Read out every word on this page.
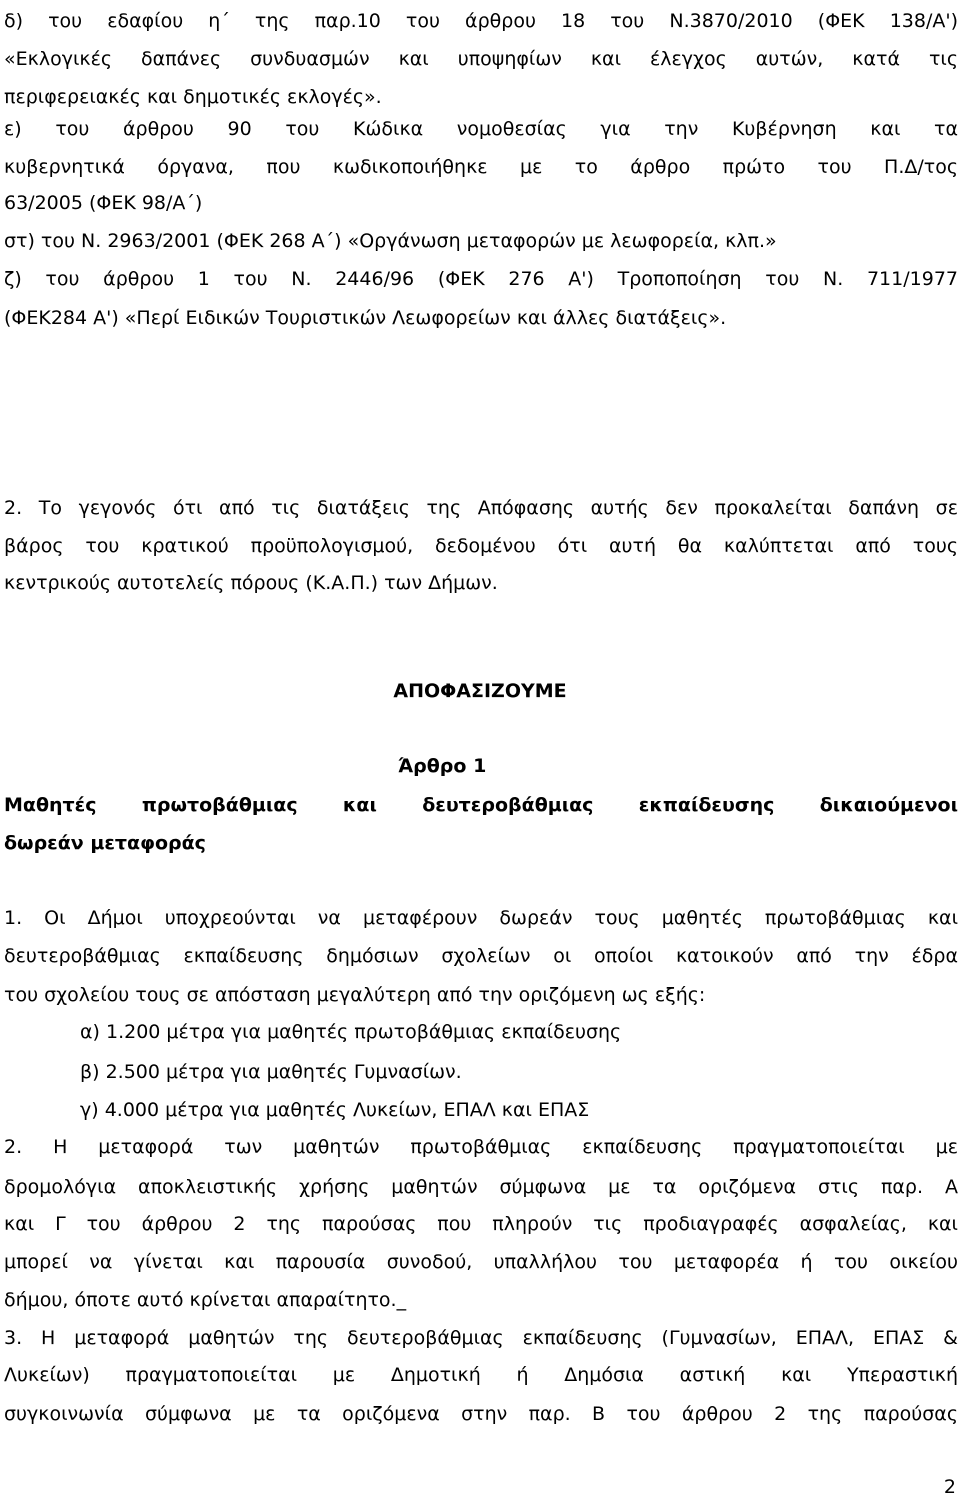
δ) του εδαφίου η΄ της παρ.10 του άρθρου 18 του Ν.3870/2010 (ΦΕΚ 138/Α')
«Εκλογικές δαπάνες συνδυασμών και υποψηφίων και έλεγχος αυτών, κατά τις
περιφερειακές και δημοτικές εκλογές».
ε) του άρθρου 90 του Κώδικα νομοθεσίας για την Κυβέρνηση και τα
κυβερνητικά όργανα, που κωδικοποιήθηκε με το άρθρο πρώτο του Π.Δ/τος
63/2005 (ΦΕΚ 98/Α΄)
στ) του Ν. 2963/2001 (ΦΕΚ 268 Α΄) «Οργάνωση μεταφορών με λεωφορεία, κλπ.»
ζ) του άρθρου 1 του Ν. 2446/96 (ΦΕΚ 276 Α') Τροποποίηση του Ν. 711/1977
(ΦΕΚ284 Α') «Περί Ειδικών Τουριστικών Λεωφορείων και άλλες διατάξεις».
2. Το γεγονός ότι από τις διατάξεις της Απόφασης αυτής δεν προκαλείται δαπάνη σε
βάρος του κρατικού προϋπολογισμού, δεδομένου ότι αυτή θα καλύπτεται από τους
κεντρικούς αυτοτελείς πόρους (Κ.Α.Π.) των Δήμων.
ΑΠΟΦΑΣΙΖΟΥΜΕ
Άρθρο 1
Μαθητές πρωτοβάθμιας και δευτεροβάθμιας εκπαίδευσης δικαιούμενοι
δωρεάν μεταφοράς
1. Οι Δήμοι υποχρεούνται να μεταφέρουν δωρεάν τους μαθητές πρωτοβάθμιας και
δευτεροβάθμιας εκπαίδευσης δημόσιων σχολείων οι οποίοι κατοικούν από την έδρα
του σχολείου τους σε απόσταση μεγαλύτερη από την οριζόμενη ως εξής:
α) 1.200 μέτρα για μαθητές πρωτοβάθμιας εκπαίδευσης
β) 2.500 μέτρα για μαθητές Γυμνασίων.
γ) 4.000 μέτρα για μαθητές Λυκείων, ΕΠΑΛ και ΕΠΑΣ
2. Η μεταφορά των μαθητών πρωτοβάθμιας εκπαίδευσης πραγματοποιείται με
δρομολόγια αποκλειστικής χρήσης μαθητών σύμφωνα με τα οριζόμενα στις παρ. Α
και Γ του άρθρου 2 της παρούσας που πληρούν τις προδιαγραφές ασφαλείας, και
μπορεί να γίνεται και παρουσία συνοδού, υπαλλήλου του μεταφορέα ή του οικείου
δήμου, όποτε αυτό κρίνεται απαραίτητο._
3. Η μεταφορά μαθητών της δευτεροβάθμιας εκπαίδευσης (Γυμνασίων, ΕΠΑΛ, ΕΠΑΣ &
Λυκείων) πραγματοποιείται με Δημοτική ή Δημόσια αστική και Υπεραστική
συγκοινωνία σύμφωνα με τα οριζόμενα στην παρ. Β του άρθρου 2 της παρούσας
2
